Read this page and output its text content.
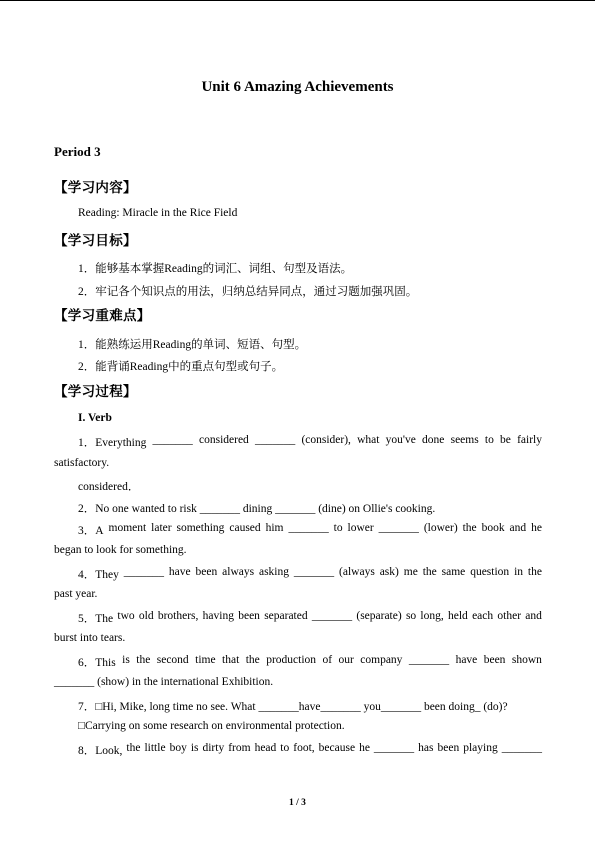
Unit 6 Amazing Achievements
Period 3
【学习内容】
Reading: Miracle in the Rice Field
【学习目标】
1．能够基本掌握Reading的词汇、词组、句型及语法。
2．牢记各个知识点的用法，归纳总结异同点，通过习题加强巩固。
【学习重难点】
1．能熟练运用Reading的单词、短语、句型。
2．能背诵Reading中的重点句型或句子。
【学习过程】
I. Verb
1．Everything _______ considered _______ (consider), what you've done seems to be fairly
satisfactory.
considered．
2．No one wanted to risk _______ dining _______ (dine) on Ollie's cooking.
3．A moment later something caused him _______ to lower _______ (lower) the book and he
began to look for something.
4．They _______ have been always asking _______ (always ask) me the same question in the
past year.
5．The two old brothers, having been separated _______ (separate) so long, held each other and
burst into tears.
6．This is the second time that the production of our company _______ have been shown
_______ (show) in the international Exhibition.
7．□Hi, Mike, long time no see. What _______have_______ you_______ been doing_ (do)?
□Carrying on some research on environmental protection.
8．Look, the little boy is dirty from head to foot, because he _______ has been playing _______
1 / 3
